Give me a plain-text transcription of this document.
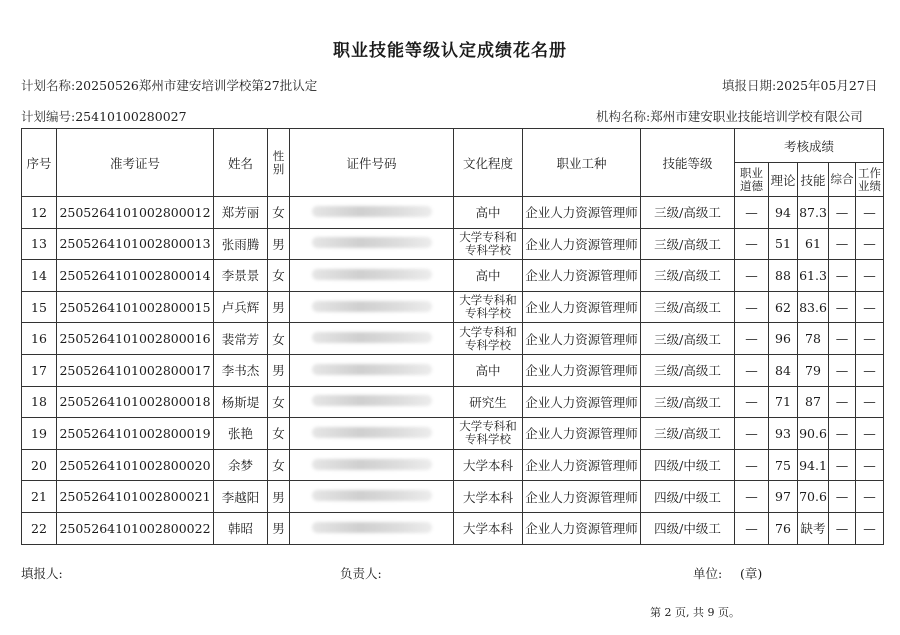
职业技能等级认定成绩花名册
计划名称:20250526郑州市建安培训学校第27批认定	填报日期:2025年05月27日
计划编号:25410100280027	机构名称:郑州市建安职业技能培训学校有限公司
序号	准考证号	姓名	性别	证件号码	文化程度	职业工种	技能等级	考核成绩				
								职业道德	理论	技能	综合	工作业绩
12	2505264101002800012	郑芳丽	女		高中	企业人力资源管理师	三级/高级工	—	94	87.3	—	—
13	2505264101002800013	张雨腾	男		大学专科和
专科学校	企业人力资源管理师	三级/高级工	—	51	61	—	—
14	2505264101002800014	李景景	女		高中	企业人力资源管理师	三级/高级工	—	88	61.3	—	—
15	2505264101002800015	卢兵辉	男		大学专科和
专科学校	企业人力资源管理师	三级/高级工	—	62	83.6	—	—
16	2505264101002800016	裴常芳	女		大学专科和
专科学校	企业人力资源管理师	三级/高级工	—	96	78	—	—
17	2505264101002800017	李书杰	男		高中	企业人力资源管理师	三级/高级工	—	84	79	—	—
18	2505264101002800018	杨斯堤	女		研究生	企业人力资源管理师	三级/高级工	—	71	87	—	—
19	2505264101002800019	张艳	女		大学专科和
专科学校	企业人力资源管理师	三级/高级工	—	93	90.6	—	—
20	2505264101002800020	余梦	女		大学本科	企业人力资源管理师	四级/中级工	—	75	94.1	—	—
21	2505264101002800021	李越阳	男		大学本科	企业人力资源管理师	四级/中级工	—	97	70.6	—	—
22	2505264101002800022	韩昭	男		大学本科	企业人力资源管理师	四级/中级工	—	76	缺考	—	—
填报人:	负责人:	单位: (章)
第 2 页, 共 9 页。
